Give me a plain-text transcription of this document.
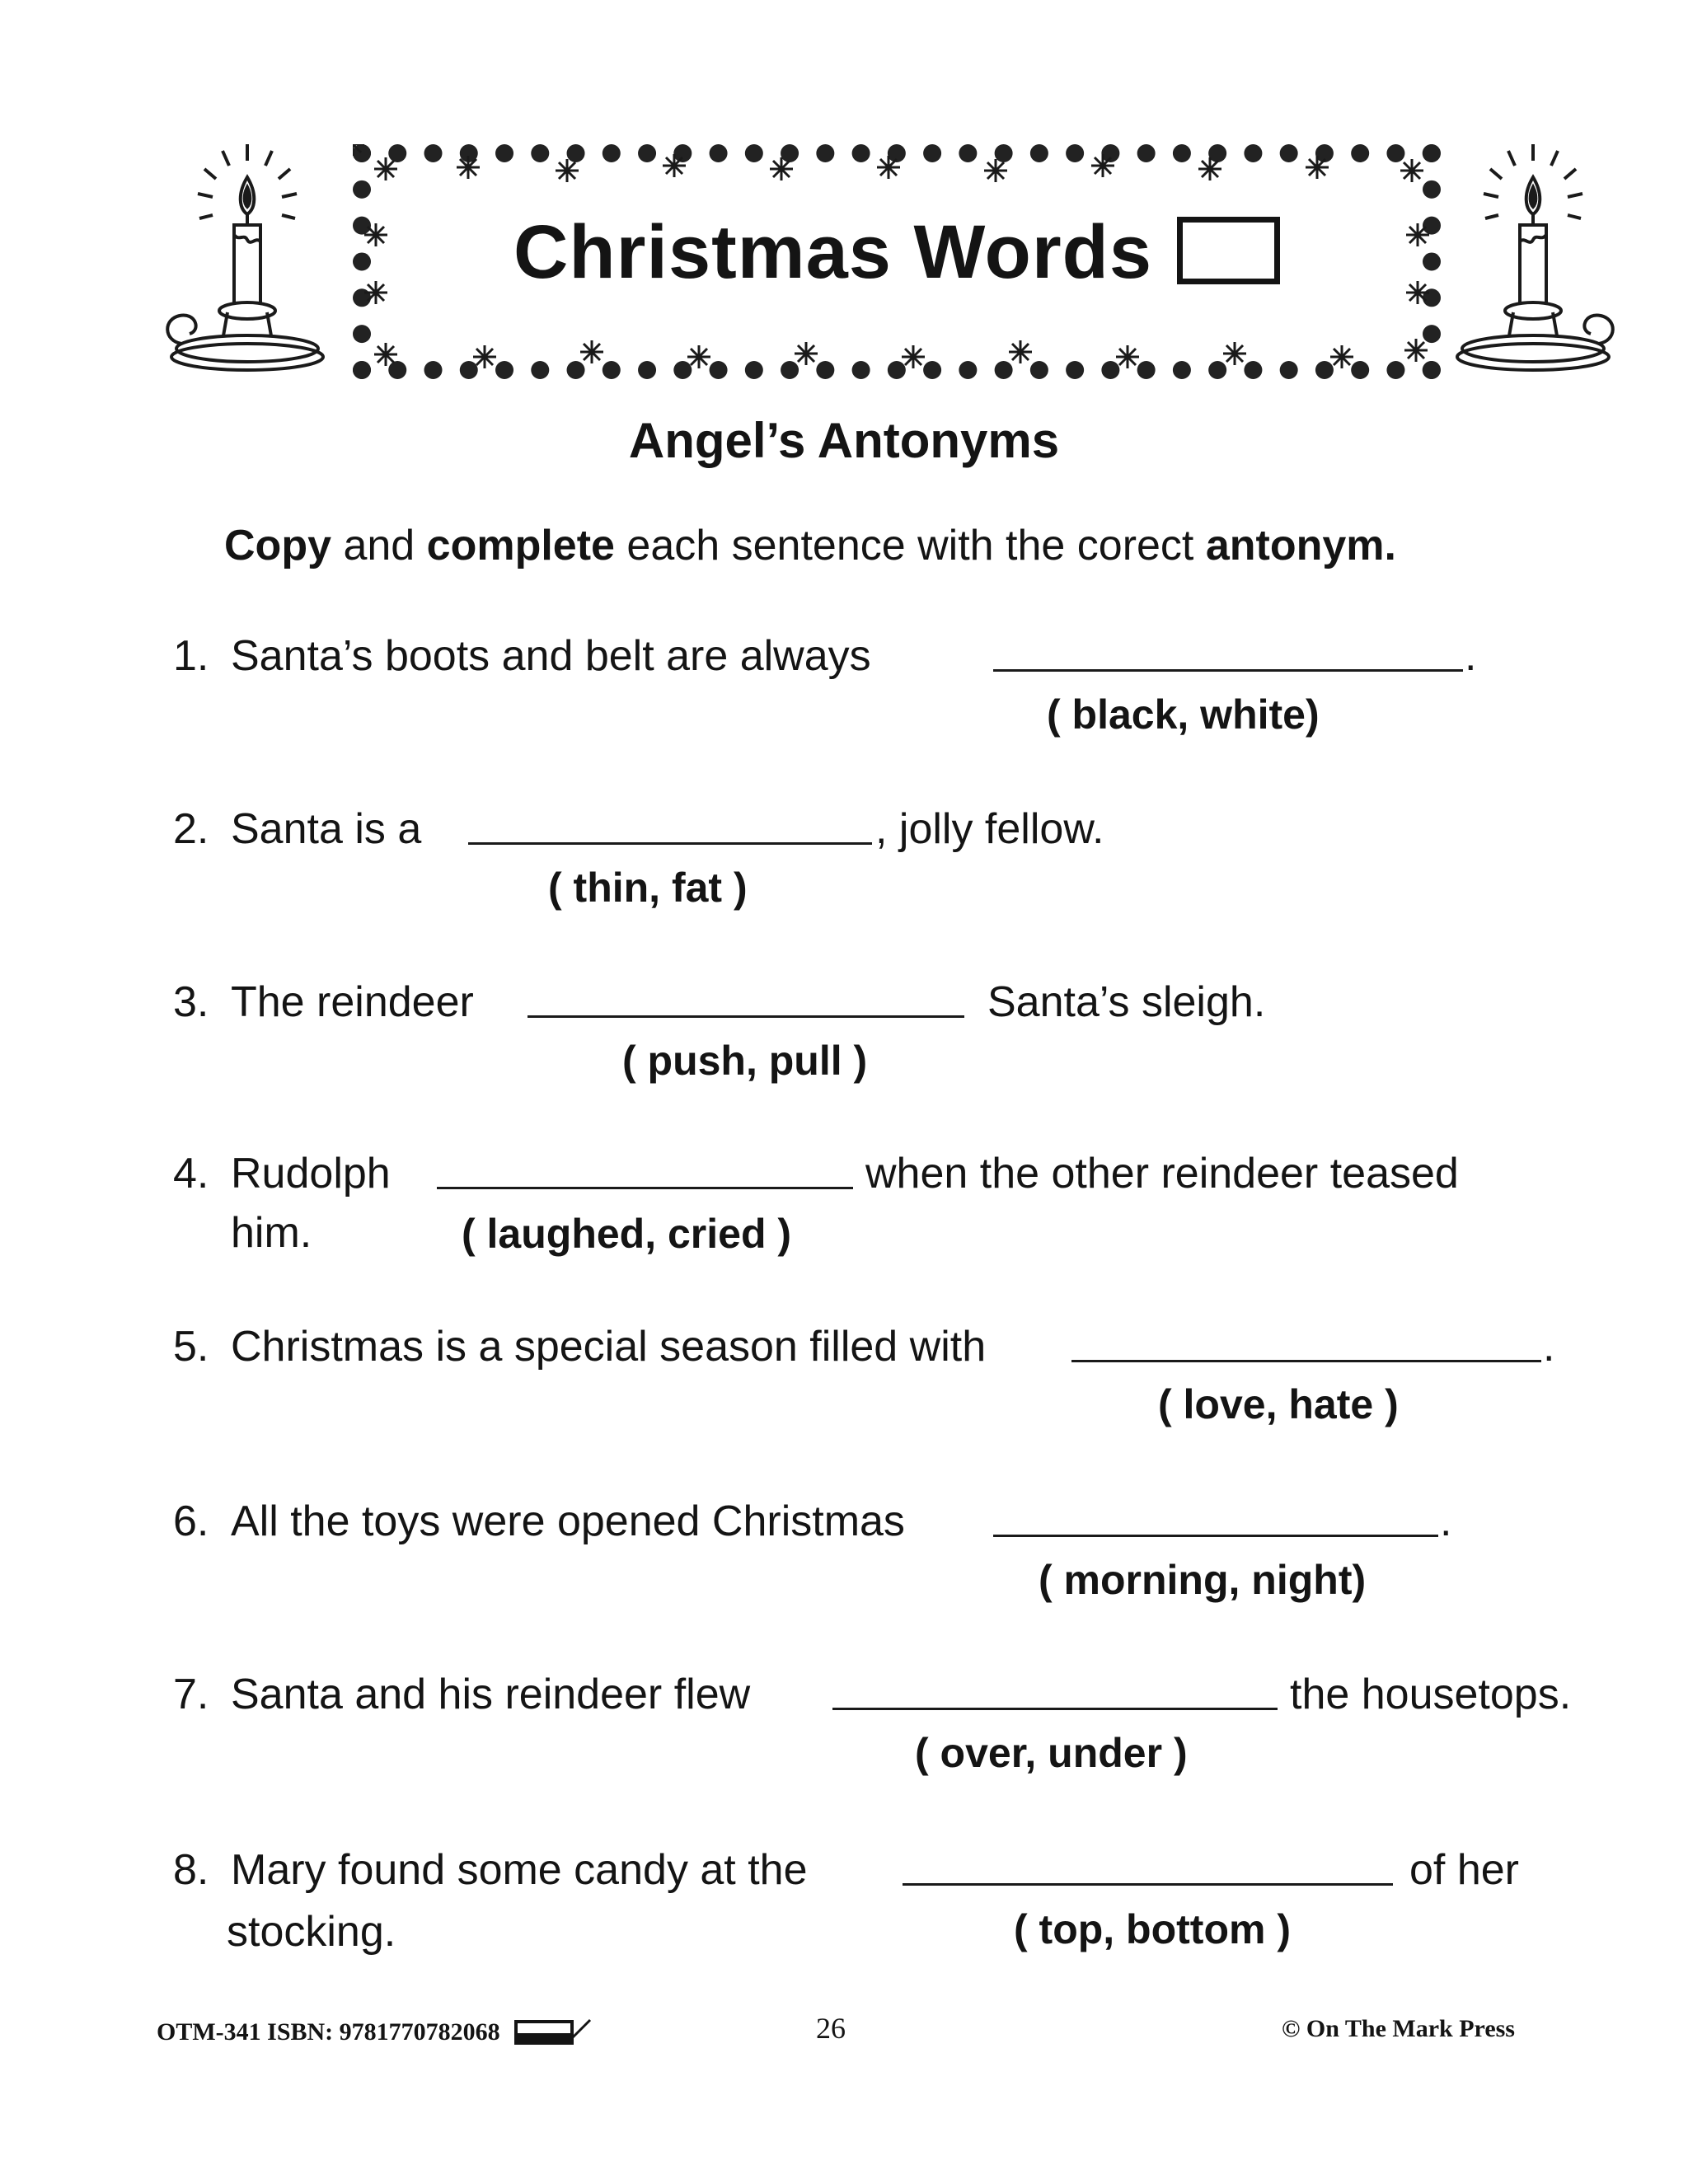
Christmas Words
Angel’s Antonyms
Copy and complete each sentence with the corect antonym.
1. Santa’s boots and belt are always	.
( black, white)
2. Santa is a	, jolly fellow.
( thin, fat )
3. The reindeer	Santa’s sleigh.
( push, pull )
4. Rudolph	when the other reindeer teased
him.	( laughed, cried )
5. Christmas is a special season filled with	.
( love, hate )
6. All the toys were opened Christmas	.
( morning, night)
7. Santa and his reindeer flew	the housetops.
( over, under )
8. Mary found some candy at the	of her
stocking.	( top, bottom )
OTM-341 ISBN: 9781770782068	26	© On The Mark Press
